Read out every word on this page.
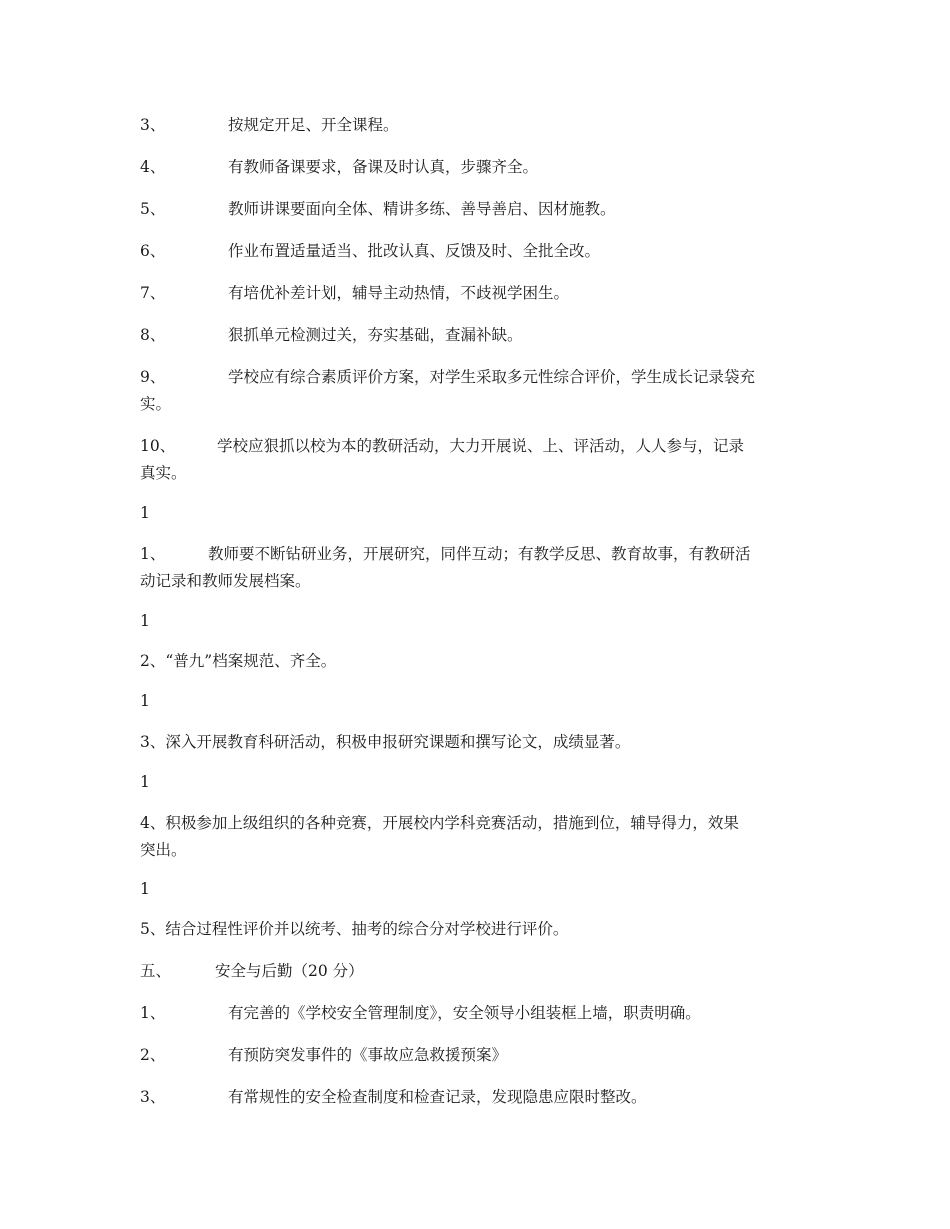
3、	按规定开足、开全课程。
4、	有教师备课要求，备课及时认真，步骤齐全。
5、	教师讲课要面向全体、精讲多练、善导善启、因材施教。
6、	作业布置适量适当、批改认真、反馈及时、全批全改。
7、	有培优补差计划，辅导主动热情，不歧视学困生。
8、	狠抓单元检测过关，夯实基础，查漏补缺。
9、	学校应有综合素质评价方案，对学生采取多元性综合评价，学生成长记录袋充
实。
10、	学校应狠抓以校为本的教研活动，大力开展说、上、评活动，人人参与，记录
真实。
1
1、	教师要不断钻研业务，开展研究，同伴互动；有教学反思、教育故事，有教研活
动记录和教师发展档案。
1
2、“普九”档案规范、齐全。
1
3、深入开展教育科研活动，积极申报研究课题和撰写论文，成绩显著。
1
4、积极参加上级组织的各种竞赛，开展校内学科竞赛活动，措施到位，辅导得力，效果
突出。
1
5、结合过程性评价并以统考、抽考的综合分对学校进行评价。
五、	安全与后勤（20 分）
1、	有完善的《学校安全管理制度》，安全领导小组装框上墙，职责明确。
2、	有预防突发事件的《事故应急救援预案》
3、	有常规性的安全检查制度和检查记录，发现隐患应限时整改。
